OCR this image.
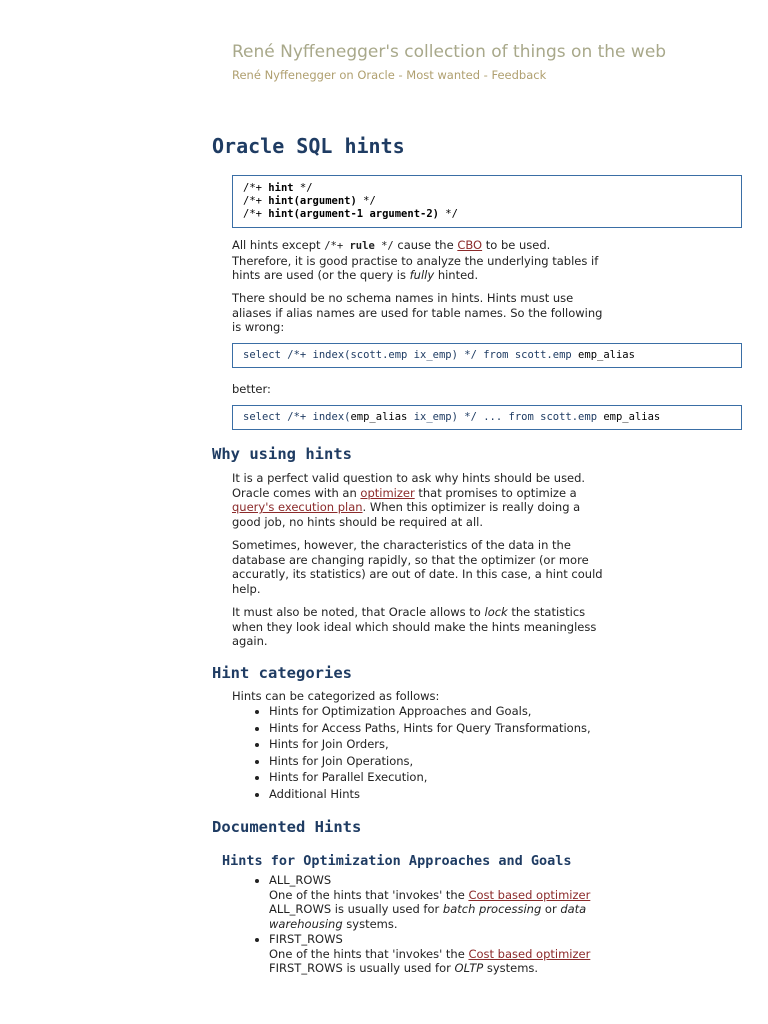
René Nyffenegger's collection of things on the web
René Nyffenegger on Oracle - Most wanted - Feedback
Oracle SQL hints
/*+ hint */
/*+ hint(argument) */
/*+ hint(argument-1 argument-2) */

All hints except /*+ rule */ cause the CBO to be used. Therefore, it is good practise to analyze the underlying tables if hints are used (or the query is fully hinted.

There should be no schema names in hints. Hints must use aliases if alias names are used for table names. So the following is wrong:

select /*+ index(scott.emp ix_emp) */ from scott.emp emp_alias

better:

select /*+ index(emp_alias ix_emp) */ ... from scott.emp emp_alias
Why using hints

It is a perfect valid question to ask why hints should be used. Oracle comes with an optimizer that promises to optimize a query's execution plan. When this optimizer is really doing a good job, no hints should be required at all.

Sometimes, however, the characteristics of the data in the database are changing rapidly, so that the optimizer (or more accuratly, its statistics) are out of date. In this case, a hint could help.

It must also be noted, that Oracle allows to lock the statistics when they look ideal which should make the hints meaningless again.

Hint categories

Hints can be categorized as follows:

• Hints for Optimization Approaches and Goals,
• Hints for Access Paths, Hints for Query Transformations,
• Hints for Join Orders,
• Hints for Join Operations,
• Hints for Parallel Execution,
• Additional Hints
Documented Hints
Hints for Optimization Approaches and Goals
• ALL_ROWS
One of the hints that 'invokes' the Cost based optimizer
ALL_ROWS is usually used for batch processing or data warehousing systems.
• FIRST_ROWS
One of the hints that 'invokes' the Cost based optimizer
FIRST_ROWS is usually used for OLTP systems.
